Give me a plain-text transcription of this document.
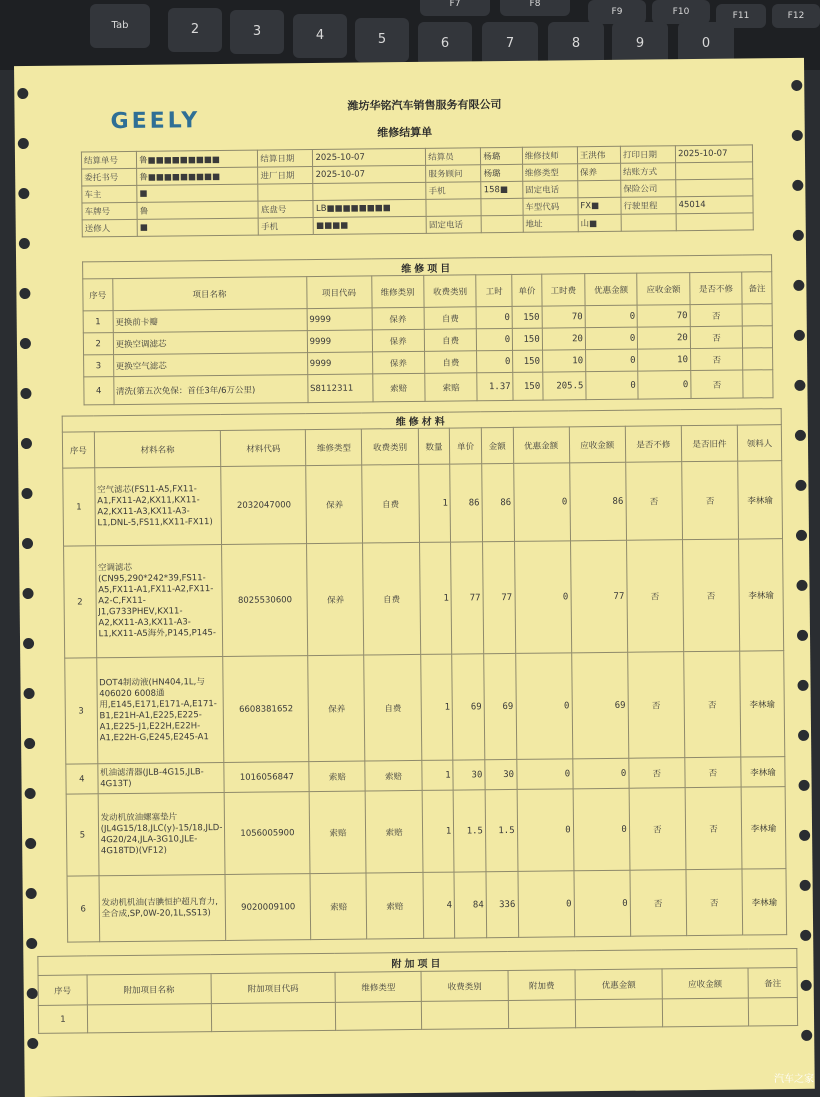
F7	F8
F9	F10	F11	F12
2	3	4	5	6	7	8	9	0
Tab
GEELY
潍坊华铭汽车销售服务有限公司
维修结算单
结算单号	鲁■■■■■■■■■	结算日期	2025-10-07	结算员	杨璐	维修技师	王洪伟	打印日期	2025-10-07
委托书号	鲁■■■■■■■■■	进厂日期	2025-10-07	服务顾问	杨璐	维修类型	保养	结账方式	
车主	■			手机	158■	固定电话		保险公司	
车牌号	鲁	底盘号	LB■■■■■■■■			车型代码	FX■	行驶里程	45014
送修人	■	手机	■■■■	固定电话		地址	山■		
维修项目											
序号	项目名称	项目代码	维修类别	收费类别	工时	单价	工时费	优惠金额	应收金额	是否不修	备注
1	更换前卡瓣	9999	保养	自费	0	150	70	0	70	否	
2	更换空调滤芯	9999	保养	自费	0	150	20	0	20	否	
3	更换空气滤芯	9999	保养	自费	0	150	10	0	10	否	
4	清洗(第五次免保：首任3年/6万公里)	S8112311	索赔	索赔	1.37	150	205.5	0	0	否	
维修材料												
序号	材料名称	材料代码	维修类型	收费类别	数量	单价	金额	优惠金额	应收金额	是否不修	是否旧件	领料人
1	空气滤芯(FS11-A5,FX11-A1,FX11-A2,KX11,KX11-A2,KX11-A3,KX11-A3-L1,DNL-5,FS11,KX11-FX11)	2032047000	保养	自费	1	86	86	0	86	否	否	李林瑜
2	空调滤芯(CN95,290*242*39,FS11-A5,FX11-A1,FX11-A2,FX11-A2-C,FX11-J1,G733PHEV,KX11-A2,KX11-A3,KX11-A3-L1,KX11-A5海外,P145,P145-	8025530600	保养	自费	1	77	77	0	77	否	否	李林瑜
3	DOT4制动液(HN404,1L,与406020 6008通用,E145,E171,E171-A,E171-B1,E21H-A1,E225,E225-A1,E225-J1,E22H,E22H-A1,E22H-G,E245,E245-A1	6608381652	保养	自费	1	69	69	0	69	否	否	李林瑜
4	机油滤清器(JLB-4G15,JLB-4G13T)	1016056847	索赔	索赔	1	30	30	0	0	否	否	李林瑜
5	发动机放油螺塞垫片(JL4G15/18,JLC(y)-15/18,JLD-4G20/24,JLA-3G10,JLE-4G18TD)(VF12)	1056005900	索赔	索赔	1	1.5	1.5	0	0	否	否	李林瑜
6	发动机机油(吉腆恒护超凡育力,全合成,SP,0W-20,1L,SS13)	9020009100	索赔	索赔	4	84	336	0	0	否	否	李林瑜
附加项目								
序号	附加项目名称	附加项目代码	维修类型	收费类别	附加费	优惠金额	应收金额	备注
1								
汽车之家
